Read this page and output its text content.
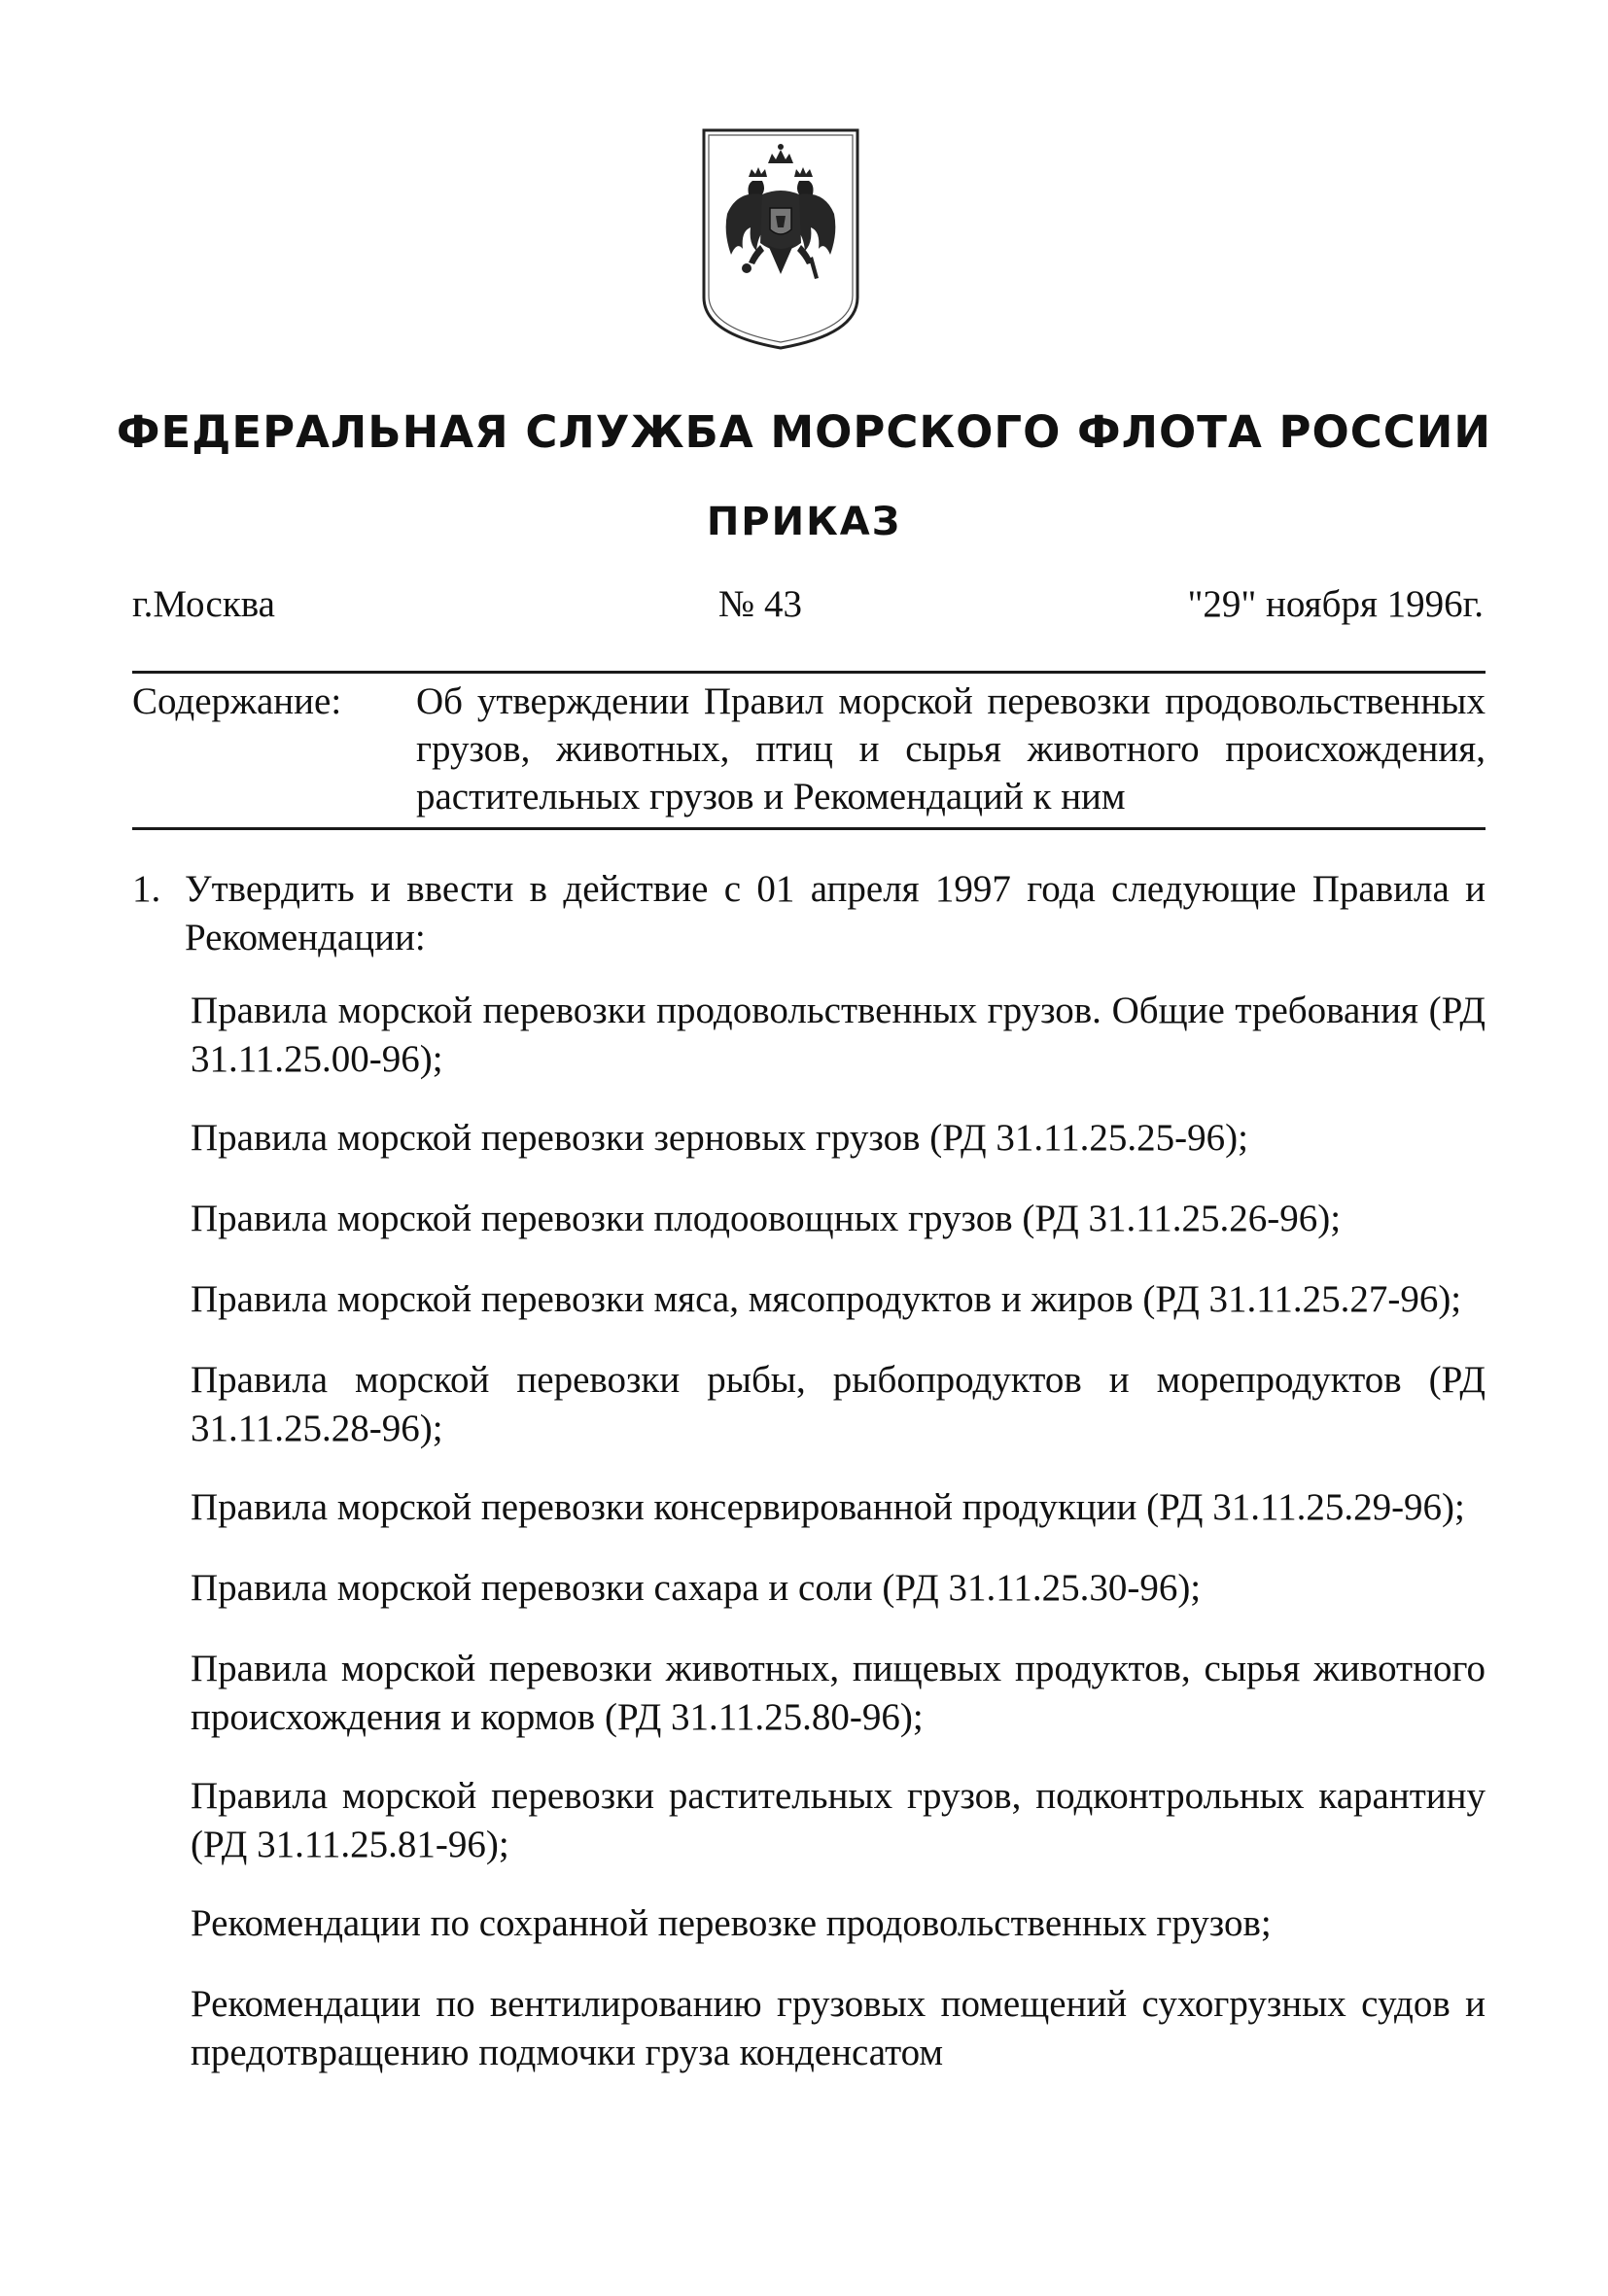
ФЕДЕРАЛЬНАЯ СЛУЖБА МОРСКОГО ФЛОТА РОССИИ
ПРИКАЗ
г.Москва	№ 43	"29" ноября 1996г.
Содержание: Об утверждении Правил морской перевозки продовольственных грузов, животных, птиц и сырья животного происхождения, растительных грузов и Рекомендаций к ним
1. Утвердить и ввести в действие с 01 апреля 1997 года следующие Правила и Рекомендации:
Правила морской перевозки продовольственных грузов. Общие требования (РД 31.11.25.00-96);
Правила морской перевозки зерновых грузов (РД 31.11.25.25-96);
Правила морской перевозки плодоовощных грузов (РД 31.11.25.26-96);
Правила морской перевозки мяса, мясопродуктов и жиров (РД 31.11.25.27-96);
Правила морской перевозки рыбы, рыбопродуктов и морепродуктов (РД 31.11.25.28-96);
Правила морской перевозки консервированной продукции (РД 31.11.25.29-96);
Правила морской перевозки сахара и соли (РД 31.11.25.30-96);
Правила морской перевозки животных, пищевых продуктов, сырья животного происхождения и кормов (РД 31.11.25.80-96);
Правила морской перевозки растительных грузов, подконтрольных карантину (РД 31.11.25.81-96);
Рекомендации по сохранной перевозке продовольственных грузов;
Рекомендации по вентилированию грузовых помещений сухогрузных судов и предотвращению подмочки груза конденсатом
